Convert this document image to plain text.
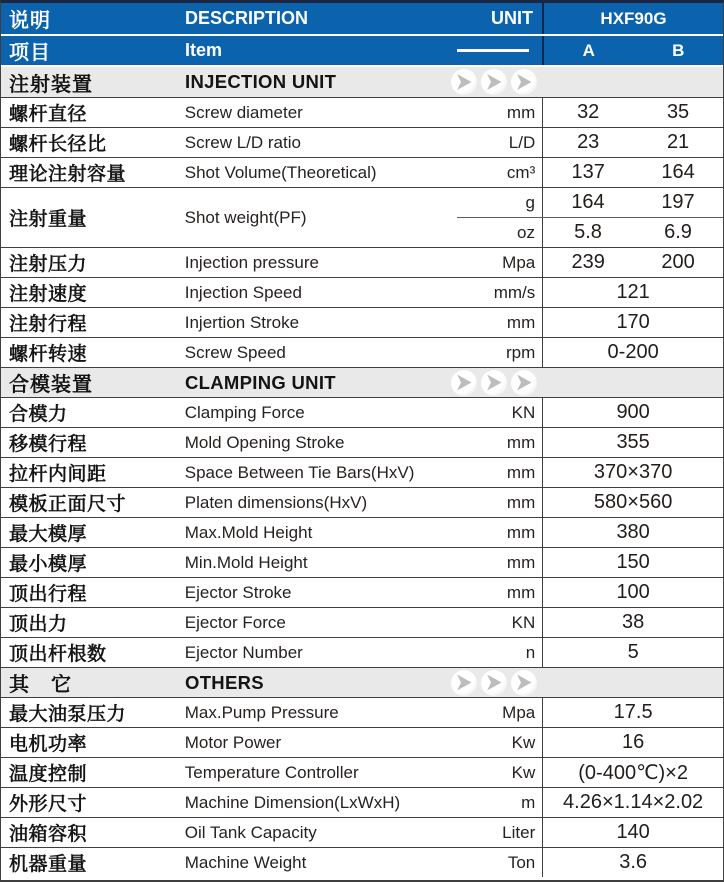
说明	DESCRIPTION	UNIT	HXF90G
项目	Item	A	B
注射装置	INJECTION UNIT
螺杆直径	Screw diameter	mm	32	35
螺杆长径比	Screw L/D ratio	L/D	23	21
理论注射容量	Shot Volume(Theoretical)	cm³	137	164
注射重量	Shot weight(PF)
g	164	197
oz	5.8	6.9
注射压力	Injection pressure	Mpa	239	200
注射速度	Injection Speed	mm/s	121
注射行程	Injertion Stroke	mm	170
螺杆转速	Screw Speed	rpm	0-200
合模装置	CLAMPING UNIT
合模力	Clamping Force	KN	900
移模行程	Mold Opening Stroke	mm	355
拉杆内间距	Space Between Tie Bars(HxV)	mm	370×370
模板正面尺寸	Platen dimensions(HxV)	mm	580×560
最大模厚	Max.Mold Height	mm	380
最小模厚	Min.Mold Height	mm	150
顶出行程	Ejector Stroke	mm	100
顶出力	Ejector Force	KN	38
顶出杆根数	Ejector Number	n	5
其　它	OTHERS
最大油泵压力	Max.Pump Pressure	Mpa	17.5
电机功率	Motor Power	Kw	16
温度控制	Temperature Controller	Kw	(0-400℃)×2
外形尺寸	Machine Dimension(LxWxH)	m	4.26×1.14×2.02
油箱容积	Oil Tank Capacity	Liter	140
机器重量	Machine Weight	Ton	3.6
